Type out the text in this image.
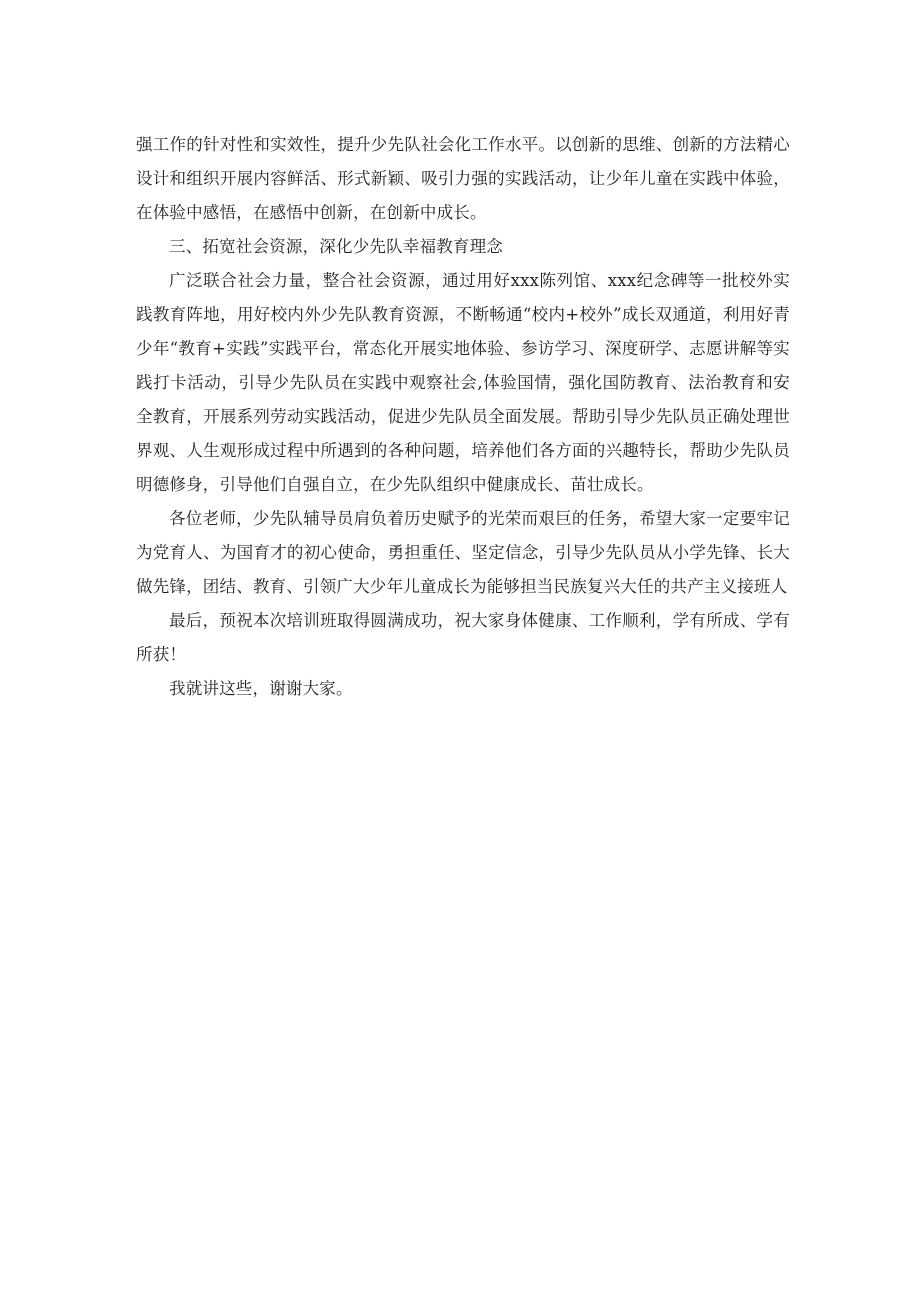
强工作的针对性和实效性，提升少先队社会化工作水平。以创新的思维、创新的方法精心设计和组织开展内容鲜活、形式新颖、吸引力强的实践活动，让少年儿童在实践中体验，在体验中感悟，在感悟中创新，在创新中成长。

三、拓宽社会资源，深化少先队幸福教育理念

广泛联合社会力量，整合社会资源，通过用好xxx陈列馆、xxx纪念碑等一批校外实践教育阵地，用好校内外少先队教育资源，不断畅通“校内+校外”成长双通道，利用好青少年“教育+实践”实践平台，常态化开展实地体验、参访学习、深度研学、志愿讲解等实践打卡活动，引导少先队员在实践中观察社会,体验国情，强化国防教育、法治教育和安全教育，开展系列劳动实践活动，促进少先队员全面发展。帮助引导少先队员正确处理世界观、人生观形成过程中所遇到的各种问题，培养他们各方面的兴趣特长，帮助少先队员明德修身，引导他们自强自立，在少先队组织中健康成长、苗壮成长。

各位老师，少先队辅导员肩负着历史赋予的光荣而艰巨的任务，希望大家一定要牢记为党育人、为国育才的初心使命，勇担重任、坚定信念，引导少先队员从小学先锋、长大做先锋，团结、教育、引领广大少年儿童成长为能够担当民族复兴大任的共产主义接班人

最后，预祝本次培训班取得圆满成功，祝大家身体健康、工作顺利，学有所成、学有所获！

我就讲这些，谢谢大家。
